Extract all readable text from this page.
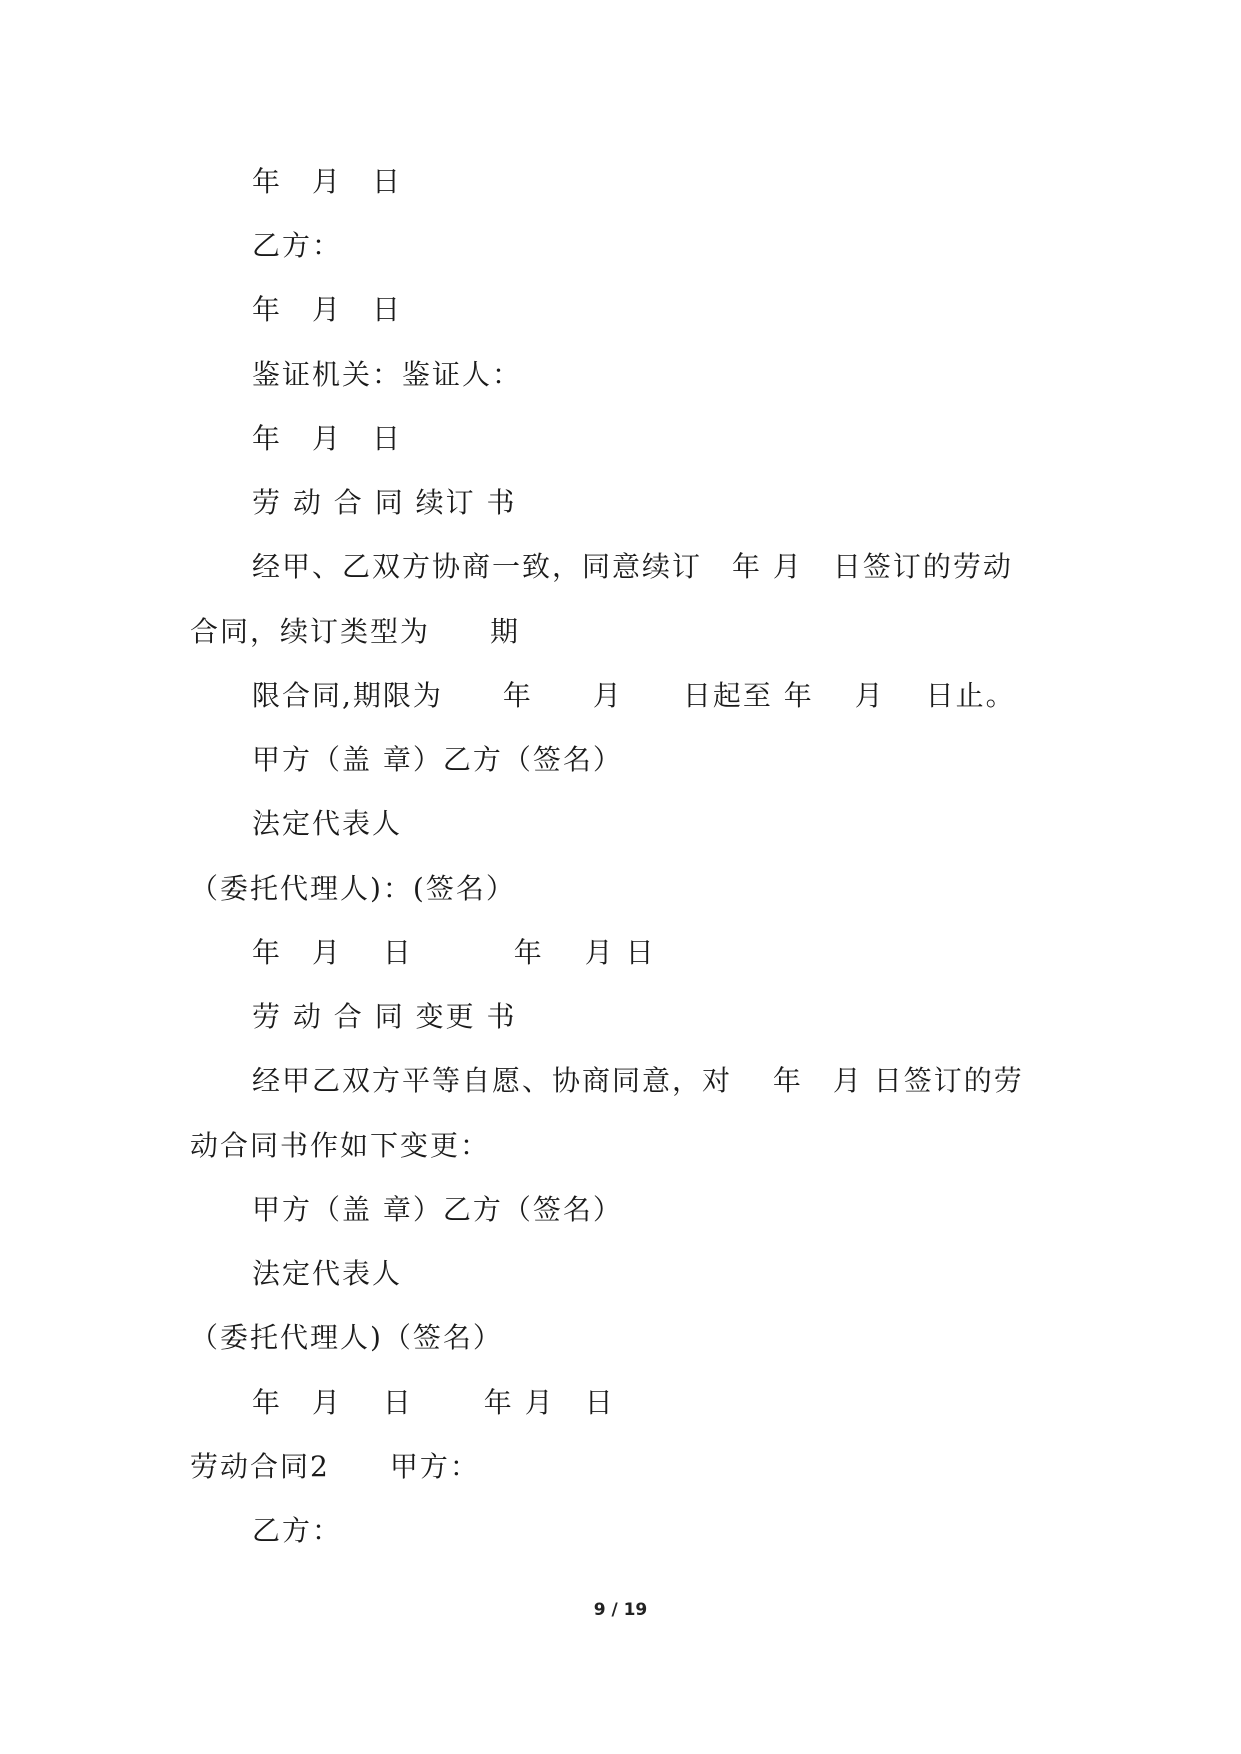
年　月　日
乙方：
年　月　日
鉴证机关：鉴证人：
年　月　日
劳 动 合 同 续订 书
经甲、乙双方协商一致，同意续订　年 月　日签订的劳动
合同，续订类型为　　期
限合同,期限为　　年　　月　　日起至 年　 月　 日止。
甲方（盖 章）乙方（签名）
法定代表人
（委托代理人)：(签名）
年　月　 日　　　 年　 月 日
劳 动 合 同 变更 书
经甲乙双方平等自愿、协商同意，对　 年　月 日签订的劳
动合同书作如下变更：
甲方（盖 章）乙方（签名）
法定代表人
（委托代理人)（签名）
年　月　 日　　 年 月　日
劳动合同2　　甲方：
乙方：
9 / 19
